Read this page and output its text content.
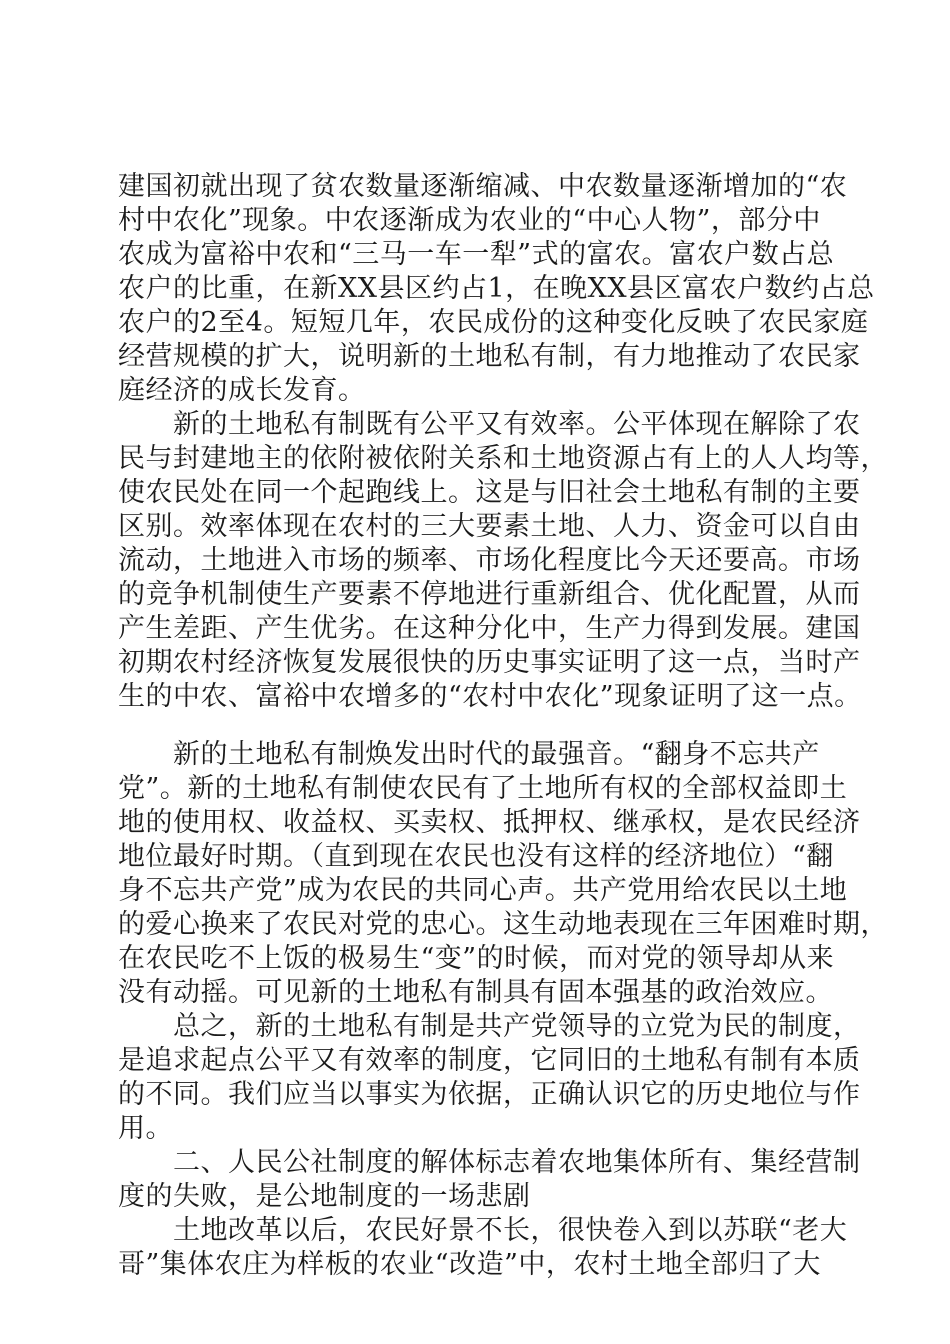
建国初就出现了贫农数量逐渐缩减、中农数量逐渐增加的“农
村中农化”现象。中农逐渐成为农业的“中心人物”，部分中
农成为富裕中农和“三马一车一犁”式的富农。富农户数占总
农户的比重，在新XX县区约占1，在晚XX县区富农户数约占总
农户的2至4。短短几年，农民成份的这种变化反映了农民家庭
经营规模的扩大，说明新的土地私有制，有力地推动了农民家
庭经济的成长发育。
　　新的土地私有制既有公平又有效率。公平体现在解除了农
民与封建地主的依附被依附关系和土地资源占有上的人人均等，
使农民处在同一个起跑线上。这是与旧社会土地私有制的主要
区别。效率体现在农村的三大要素土地、人力、资金可以自由
流动，土地进入市场的频率、市场化程度比今天还要高。市场
的竞争机制使生产要素不停地进行重新组合、优化配置，从而
产生差距、产生优劣。在这种分化中，生产力得到发展。建国
初期农村经济恢复发展很快的历史事实证明了这一点，当时产
生的中农、富裕中农增多的“农村中农化”现象证明了这一点。
　　新的土地私有制焕发出时代的最强音。“翻身不忘共产
党”。新的土地私有制使农民有了土地所有权的全部权益即土
地的使用权、收益权、买卖权、抵押权、继承权，是农民经济
地位最好时期。（直到现在农民也没有这样的经济地位）“翻
身不忘共产党”成为农民的共同心声。共产党用给农民以土地
的爱心换来了农民对党的忠心。这生动地表现在三年困难时期，
在农民吃不上饭的极易生“变”的时候，而对党的领导却从来
没有动摇。可见新的土地私有制具有固本强基的政治效应。
　　总之，新的土地私有制是共产党领导的立党为民的制度，
是追求起点公平又有效率的制度，它同旧的土地私有制有本质
的不同。我们应当以事实为依据，正确认识它的历史地位与作
用。
　　二、人民公社制度的解体标志着农地集体所有、集经营制
度的失败，是公地制度的一场悲剧
　　土地改革以后，农民好景不长，很快卷入到以苏联“老大
哥”集体农庄为样板的农业“改造”中，农村土地全部归了大
